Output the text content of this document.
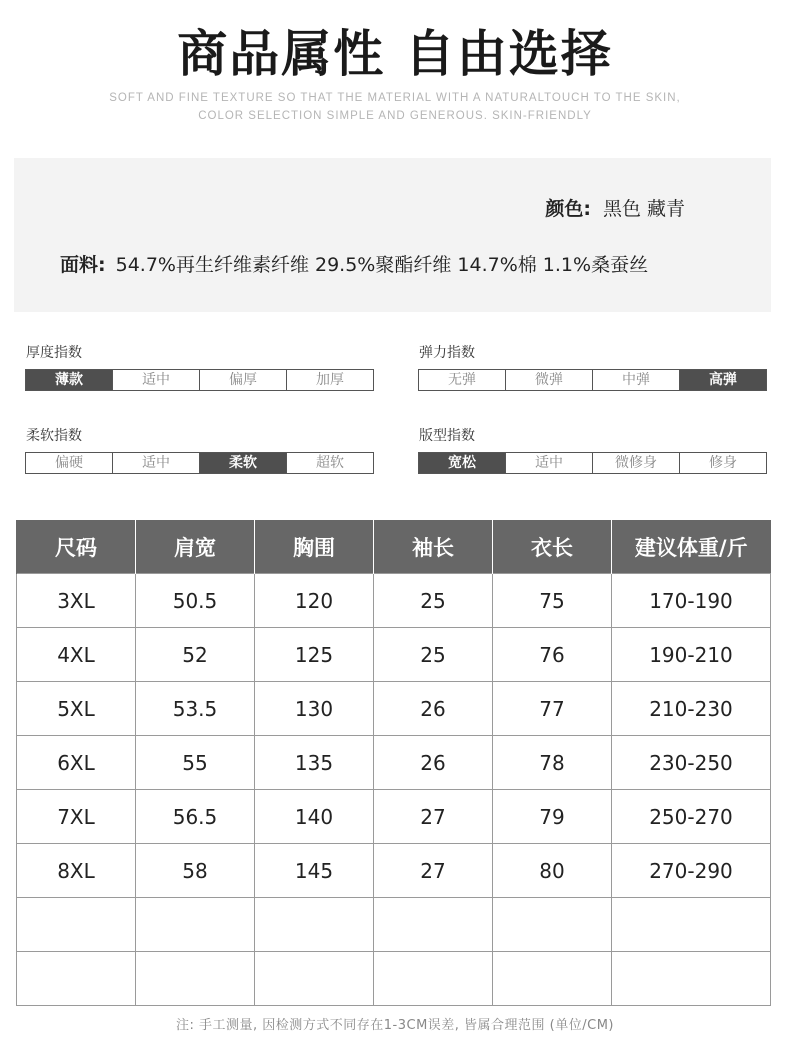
商品属性 自由选择
SOFT AND FINE TEXTURE SO THAT THE MATERIAL WITH A NATURALTOUCH TO THE SKIN,
COLOR SELECTION SIMPLE AND GENEROUS. SKIN-FRIENDLY
颜色: 黑色 藏青
面料: 54.7%再生纤维素纤维 29.5%聚酯纤维 14.7%棉 1.1%桑蚕丝
厚度指数
薄款	适中	偏厚	加厚
弹力指数
无弹	微弹	中弹	高弹
柔软指数
偏硬	适中	柔软	超软
版型指数
宽松	适中	微修身	修身
尺码	肩宽	胸围	袖长	衣长	建议体重/斤
3XL	50.5	120	25	75	170-190
4XL	52	125	25	76	190-210
5XL	53.5	130	26	77	210-230
6XL	55	135	26	78	230-250
7XL	56.5	140	27	79	250-270
8XL	58	145	27	80	270-290

注: 手工测量, 因检测方式不同存在1-3CM误差, 皆属合理范围 (单位/CM)
